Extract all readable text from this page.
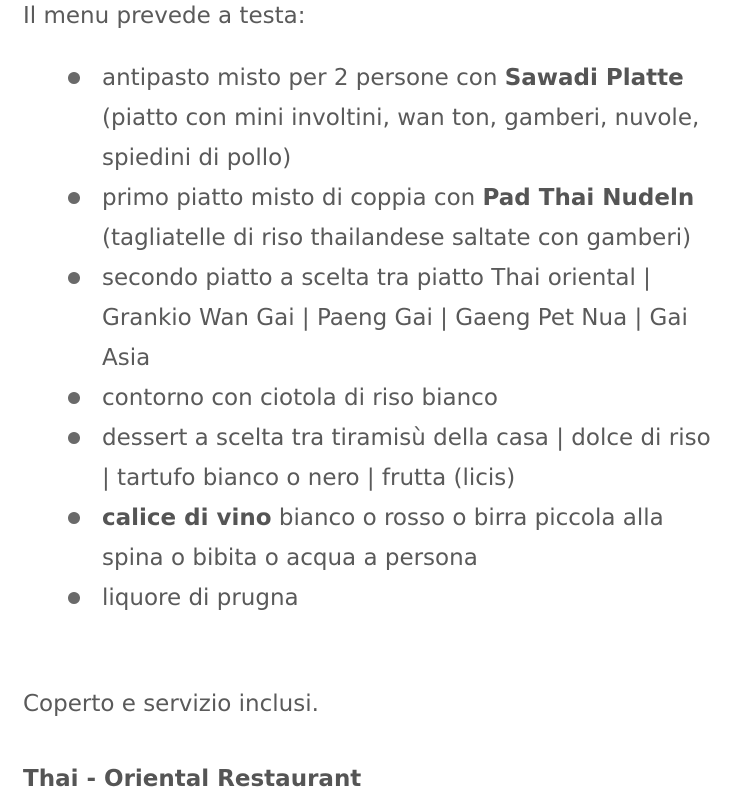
Il menu prevede a testa:

antipasto misto per 2 persone con Sawadi Platte (piatto con mini involtini, wan ton, gamberi, nuvole, spiedini di pollo)
primo piatto misto di coppia con Pad Thai Nudeln (tagliatelle di riso thailandese saltate con gamberi)
secondo piatto a scelta tra piatto Thai oriental | Grankio Wan Gai | Paeng Gai | Gaeng Pet Nua | Gai Asia
contorno con ciotola di riso bianco
dessert a scelta tra tiramisù della casa | dolce di riso | tartufo bianco o nero | frutta (licis)
calice di vino bianco o rosso o birra piccola alla spina o bibita o acqua a persona
liquore di prugna

Coperto e servizio inclusi.

Thai - Oriental Restaurant
